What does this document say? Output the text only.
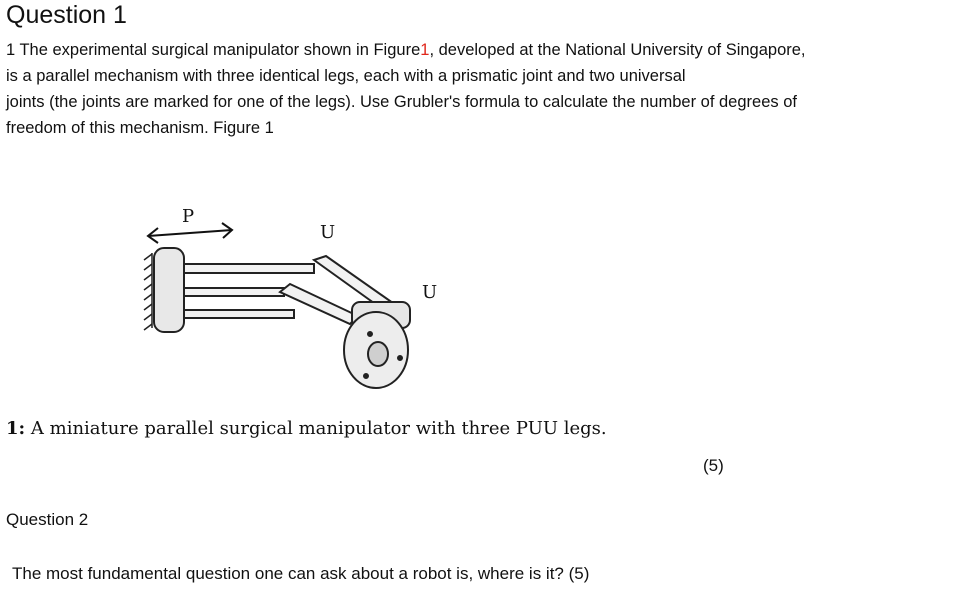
Question 1

1 The experimental surgical manipulator shown in Figure1, developed at the National University of Singapore,
is a parallel mechanism with three identical legs, each with a prismatic joint and two universal
joints (the joints are marked for one of the legs). Use Grubler's formula to calculate the number of degrees of
freedom of this mechanism. Figure 1

P
U
U
1: A miniature parallel surgical manipulator with three PUU legs.
(5)
Question 2
The most fundamental question one can ask about a robot is, where is it? (5)
